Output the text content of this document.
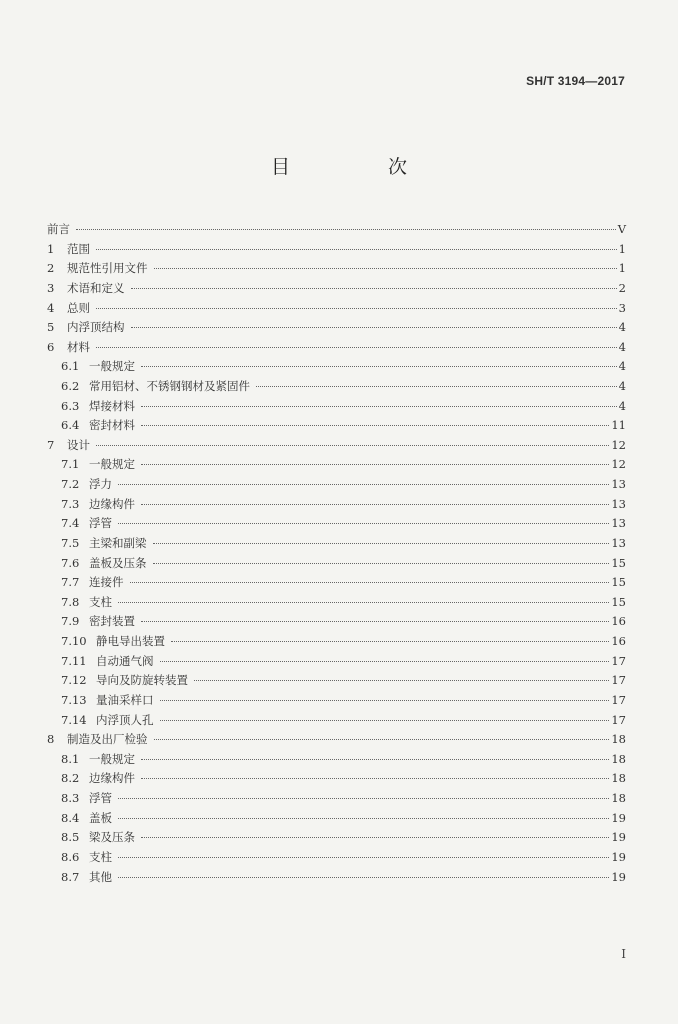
SH/T 3194—2017
目 次
前言	V
1	范围	1
2	规范性引用文件	1
3	术语和定义	2
4	总则	3
5	内浮顶结构	4
6	材料	4
6.1 一般规定	4
6.2 常用铝材、不锈钢钢材及紧固件	4
6.3 焊接材料	4
6.4 密封材料	11
7	设计	12
7.1 一般规定	12
7.2 浮力	13
7.3 边缘构件	13
7.4 浮管	13
7.5 主梁和副梁	13
7.6 盖板及压条	15
7.7 连接件	15
7.8 支柱	15
7.9 密封装置	16
7.10 静电导出装置	16
7.11 自动通气阀	17
7.12 导向及防旋转装置	17
7.13 量油采样口	17
7.14 内浮顶人孔	17
8	制造及出厂检验	18
8.1 一般规定	18
8.2 边缘构件	18
8.3 浮管	18
8.4 盖板	19
8.5 梁及压条	19
8.6 支柱	19
8.7 其他	19
I
